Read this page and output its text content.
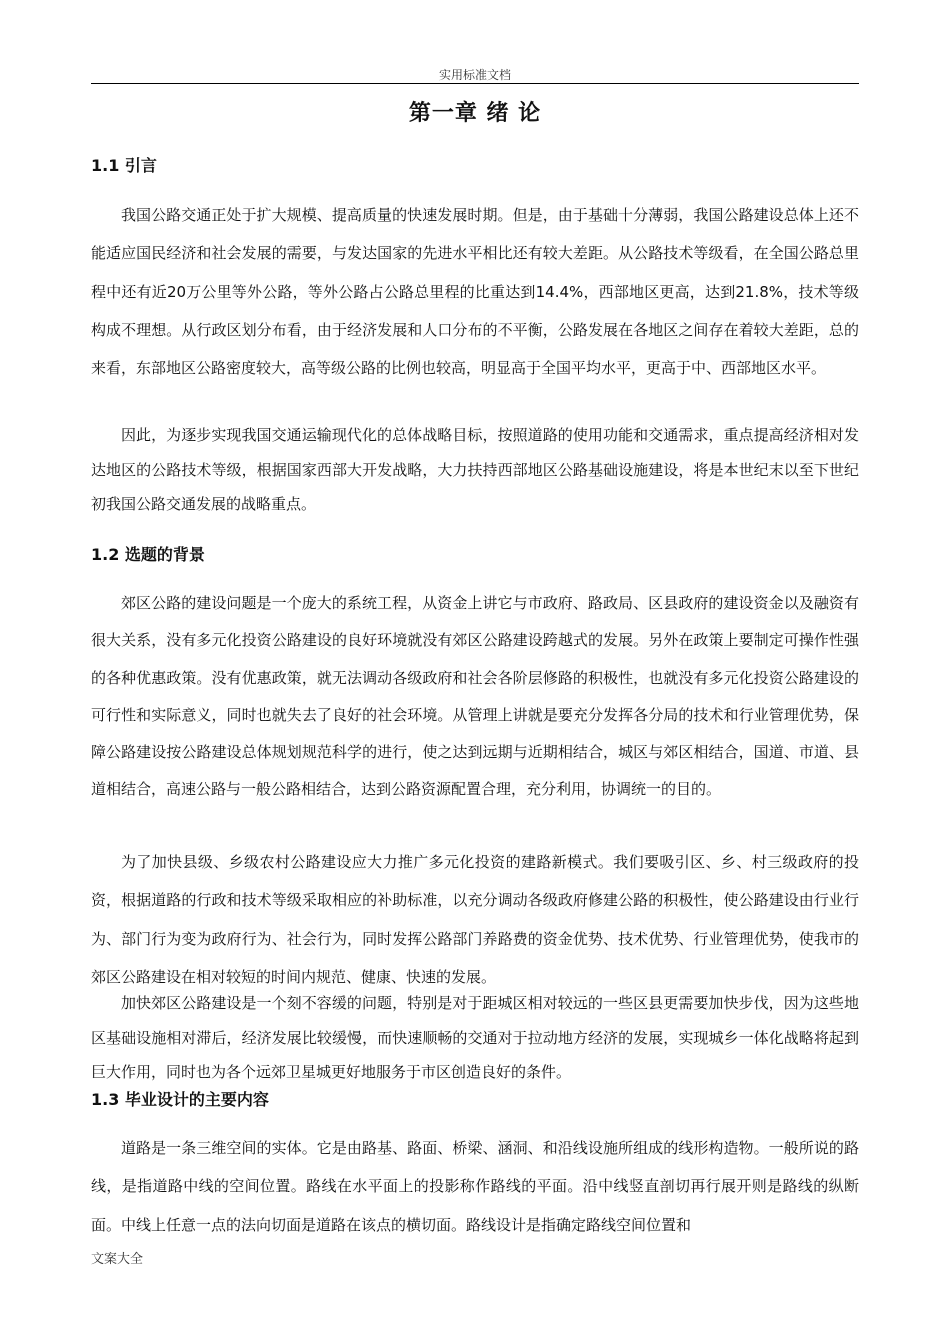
实用标准文档
第一章 绪 论
1.1 引言

我国公路交通正处于扩大规模、提高质量的快速发展时期。但是，由于基础十分薄弱，我国公路建设总体上还不能适应国民经济和社会发展的需要，与发达国家的先进水平相比还有较大差距。从公路技术等级看，在全国公路总里程中还有近20万公里等外公路，等外公路占公路总里程的比重达到14.4%，西部地区更高，达到21.8%，技术等级构成不理想。从行政区划分布看，由于经济发展和人口分布的不平衡，公路发展在各地区之间存在着较大差距，总的来看，东部地区公路密度较大，高等级公路的比例也较高，明显高于全国平均水平，更高于中、西部地区水平。

因此，为逐步实现我国交通运输现代化的总体战略目标，按照道路的使用功能和交通需求，重点提高经济相对发达地区的公路技术等级，根据国家西部大开发战略，大力扶持西部地区公路基础设施建设，将是本世纪末以至下世纪初我国公路交通发展的战略重点。

1.2 选题的背景

郊区公路的建设问题是一个庞大的系统工程，从资金上讲它与市政府、路政局、区县政府的建设资金以及融资有很大关系，没有多元化投资公路建设的良好环境就没有郊区公路建设跨越式的发展。另外在政策上要制定可操作性强的各种优惠政策。没有优惠政策，就无法调动各级政府和社会各阶层修路的积极性，也就没有多元化投资公路建设的可行性和实际意义，同时也就失去了良好的社会环境。从管理上讲就是要充分发挥各分局的技术和行业管理优势，保障公路建设按公路建设总体规划规范科学的进行，使之达到远期与近期相结合，城区与郊区相结合，国道、市道、县道相结合，高速公路与一般公路相结合，达到公路资源配置合理，充分利用，协调统一的目的。

为了加快县级、乡级农村公路建设应大力推广多元化投资的建路新模式。我们要吸引区、乡、村三级政府的投资，根据道路的行政和技术等级采取相应的补助标准，以充分调动各级政府修建公路的积极性，使公路建设由行业行为、部门行为变为政府行为、社会行为，同时发挥公路部门养路费的资金优势、技术优势、行业管理优势，使我市的郊区公路建设在相对较短的时间内规范、健康、快速的发展。

加快郊区公路建设是一个刻不容缓的问题，特别是对于距城区相对较远的一些区县更需要加快步伐，因为这些地区基础设施相对滞后，经济发展比较缓慢，而快速顺畅的交通对于拉动地方经济的发展，实现城乡一体化战略将起到巨大作用，同时也为各个远郊卫星城更好地服务于市区创造良好的条件。

1.3 毕业设计的主要内容

道路是一条三维空间的实体。它是由路基、路面、桥梁、涵洞、和沿线设施所组成的线形构造物。一般所说的路线，是指道路中线的空间位置。路线在水平面上的投影称作路线的平面。沿中线竖直剖切再行展开则是路线的纵断面。中线上任意一点的法向切面是道路在该点的横切面。路线设计是指确定路线空间位置和

文案大全
